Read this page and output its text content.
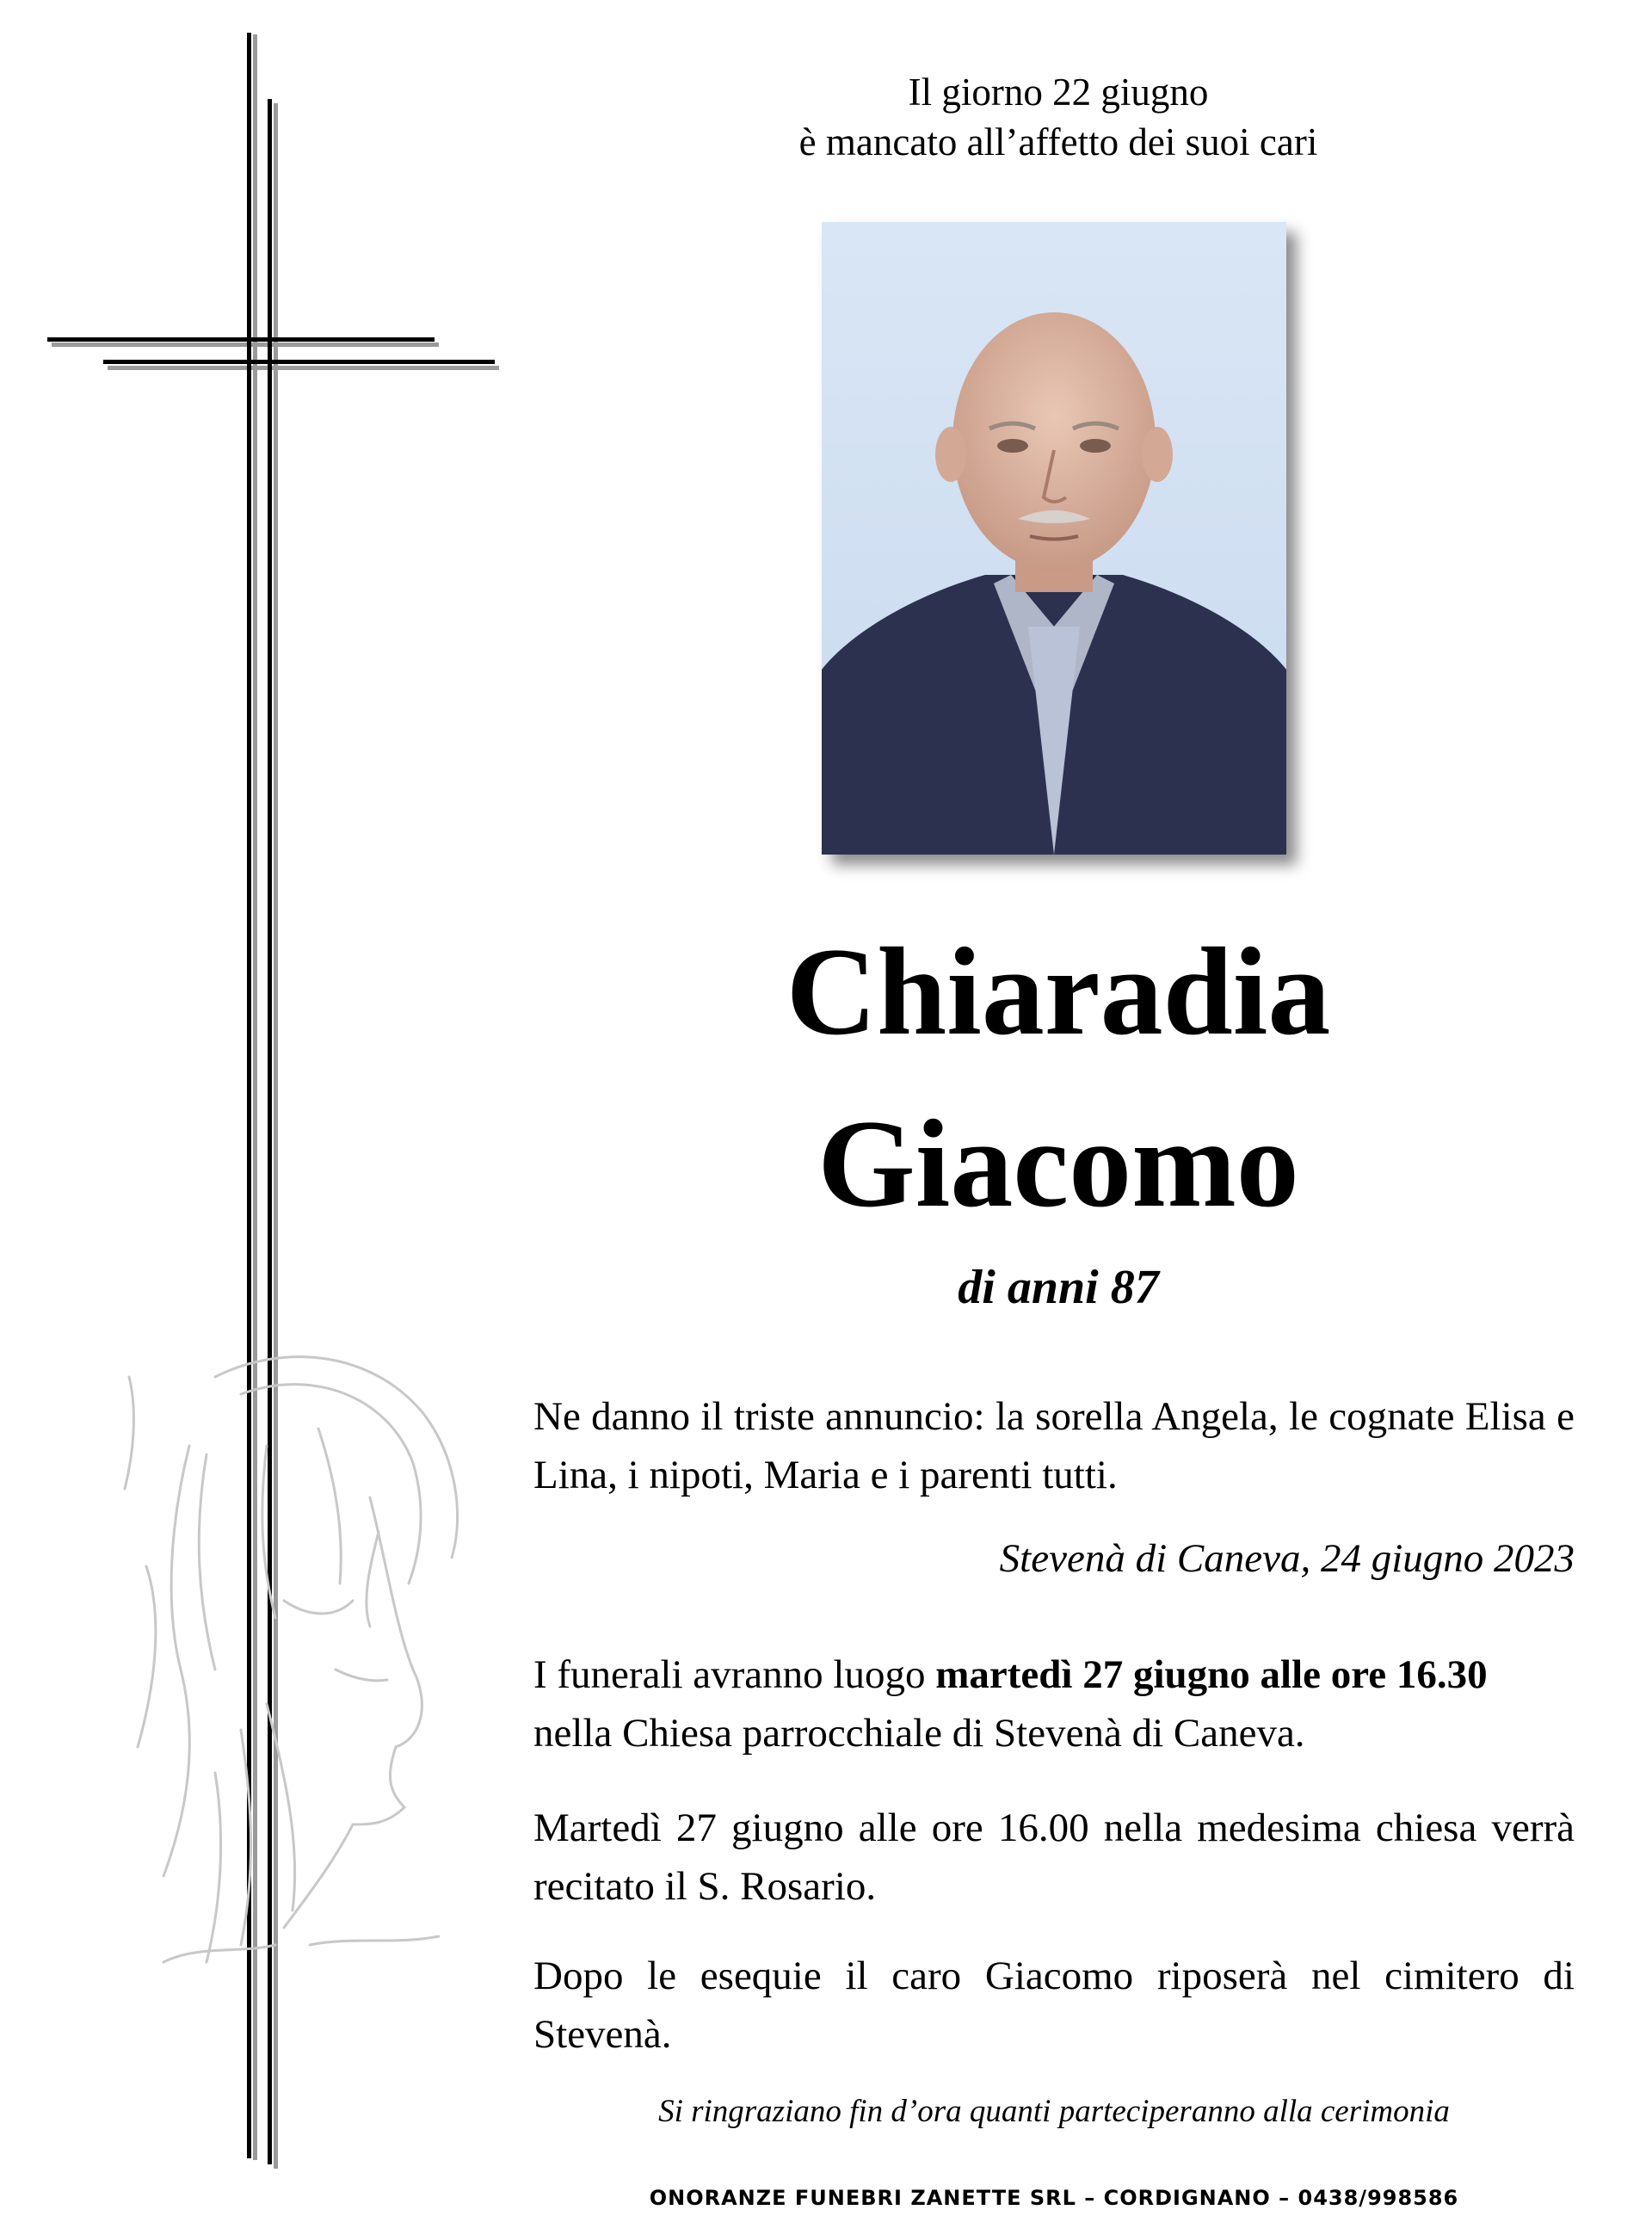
Il giorno 22 giugno
è mancato all’affetto dei suoi cari
Chiaradia
Giacomo
di anni 87
Ne danno il triste annuncio: la sorella Angela, le cognate Elisa e Lina, i nipoti, Maria e i parenti tutti.
Stevenà di Caneva, 24 giugno 2023
I funerali avranno luogo martedì 27 giugno alle ore 16.30
nella Chiesa parrocchiale di Stevenà di Caneva.
Martedì 27 giugno alle ore 16.00 nella medesima chiesa verrà recitato il S. Rosario.
Dopo le esequie il caro Giacomo riposerà nel cimitero di Stevenà.
Si ringraziano fin d’ora quanti parteciperanno alla cerimonia
ONORANZE FUNEBRI ZANETTE SRL – CORDIGNANO – 0438/998586
